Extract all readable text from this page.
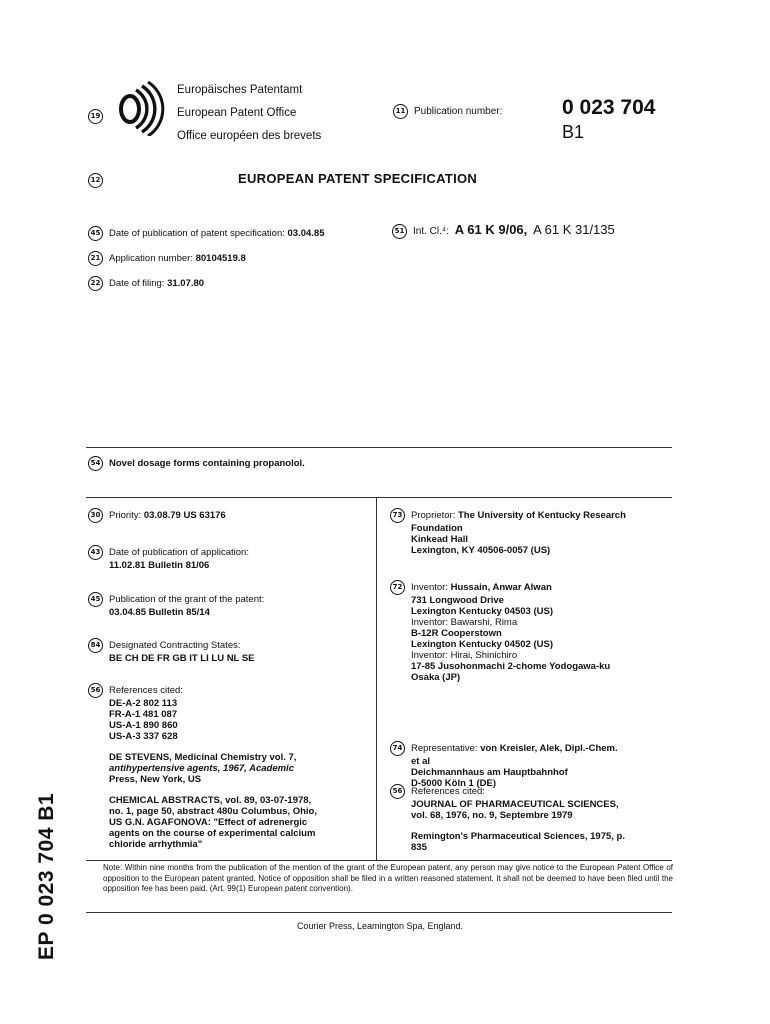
19
Europäisches Patentamt
European Patent Office
Office européen des brevets
11 Publication number:	0 023 704
B1
12	EUROPEAN PATENT SPECIFICATION
45 Date of publication of patent specification: 03.04.85
21 Application number: 80104519.8
22 Date of filing: 31.07.80
51 Int. Cl.⁴: A 61 K 9/06, A 61 K 31/135
54 Novel dosage forms containing propanolol.
30 Priority: 03.08.79 US 63176
43 Date of publication of application:
11.02.81 Bulletin 81/06
45 Publication of the grant of the patent:
03.04.85 Bulletin 85/14
84 Designated Contracting States:
BE CH DE FR GB IT LI LU NL SE
56 References cited:
DE-A-2 802 113
FR-A-1 481 087
US-A-1 890 860
US-A-3 337 628
DE STEVENS, Medicinal Chemistry vol. 7,
antihypertensive agents, 1967, Academic
Press, New York, US
CHEMICAL ABSTRACTS, vol. 89, 03-07-1978,
no. 1, page 50, abstract 480u Columbus, Ohio,
US G.N. AGAFONOVA: "Effect of adrenergic
agents on the course of experimental calcium
chloride arrhythmia"
73 Proprietor: The University of Kentucky Research
Foundation
Kinkead Hall
Lexington, KY 40506-0057 (US)
72 Inventor: Hussain, Anwar Alwan
731 Longwood Drive
Lexington Kentucky 04503 (US)
Inventor: Bawarshi, Rima
B-12R Cooperstown
Lexington Kentucky 04502 (US)
Inventor: Hirai, Shinichiro
17-85 Jusohonmachi 2-chome Yodogawa-ku
Osaka (JP)
74 Representative: von Kreisler, Alek, Dipl.-Chem.
et al
Deichmannhaus am Hauptbahnhof
D-5000 Köln 1 (DE)
56 References cited:
JOURNAL OF PHARMACEUTICAL SCIENCES,
vol. 68, 1976, no. 9, Septembre 1979
Remington's Pharmaceutical Sciences, 1975, p.
835
Note: Within nine months from the publication of the mention of the grant of the European patent, any person may give notice to the European Patent Office of opposition to the European patent granted. Notice of opposition shall be filed in a written reasoned statement. It shall not be deemed to have been filed until the opposition fee has been paid. (Art. 99(1) European patent convention).
Courier Press, Leamington Spa, England.
EP 0 023 704 B1
